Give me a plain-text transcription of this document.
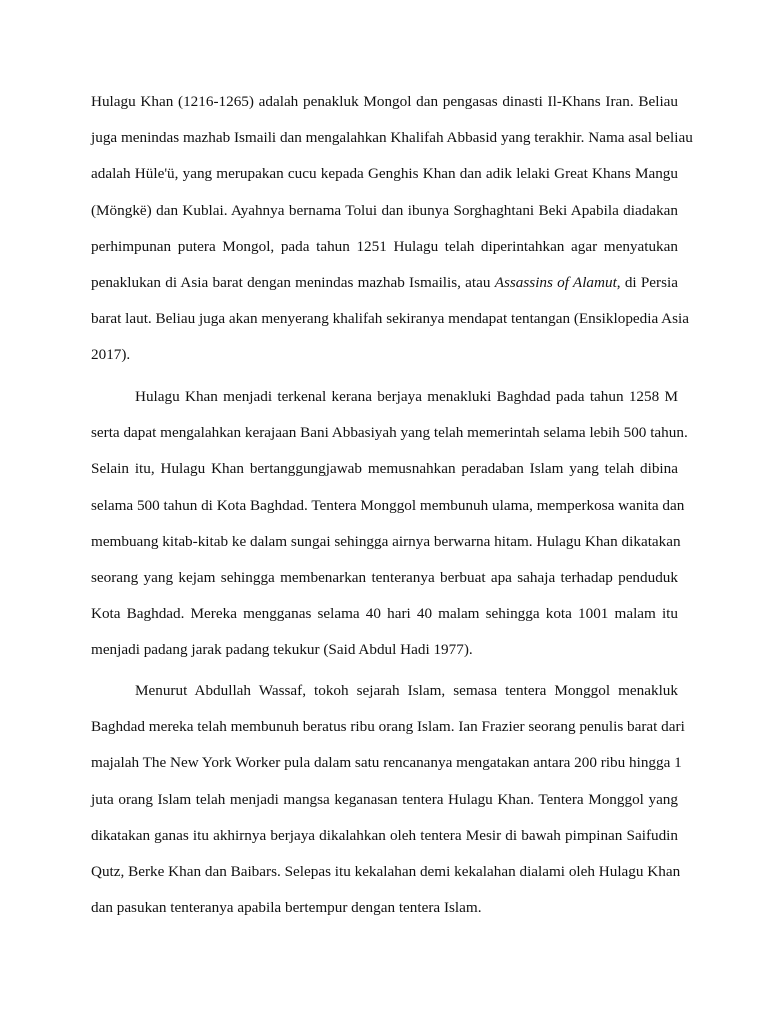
Hulagu Khan (1216-1265) adalah penakluk Mongol dan pengasas dinasti Il-Khans Iran. Beliau
juga menindas mazhab Ismaili dan mengalahkan Khalifah Abbasid yang terakhir. Nama asal beliau
adalah Hüle'ü, yang merupakan cucu kepada Genghis Khan dan adik lelaki Great Khans Mangu
(Möngkë) dan Kublai. Ayahnya bernama Tolui dan ibunya Sorghaghtani Beki Apabila diadakan
perhimpunan putera Mongol, pada tahun 1251 Hulagu telah diperintahkan agar menyatukan
penaklukan di Asia barat dengan menindas mazhab Ismailis, atau Assassins of Alamut, di Persia
barat laut. Beliau juga akan menyerang khalifah sekiranya mendapat tentangan (Ensiklopedia Asia
2017).
Hulagu Khan menjadi terkenal kerana berjaya menakluki Baghdad pada tahun 1258 M
serta dapat mengalahkan kerajaan Bani Abbasiyah yang telah memerintah selama lebih 500 tahun.
Selain itu, Hulagu Khan bertanggungjawab memusnahkan peradaban Islam yang telah dibina
selama 500 tahun di Kota Baghdad. Tentera Monggol membunuh ulama, memperkosa wanita dan
membuang kitab-kitab ke dalam sungai sehingga airnya berwarna hitam. Hulagu Khan dikatakan
seorang yang kejam sehingga membenarkan tenteranya berbuat apa sahaja terhadap penduduk
Kota Baghdad. Mereka mengganas selama 40 hari 40 malam sehingga kota 1001 malam itu
menjadi padang jarak padang tekukur (Said Abdul Hadi 1977).
Menurut Abdullah Wassaf, tokoh sejarah Islam, semasa tentera Monggol menakluk
Baghdad mereka telah membunuh beratus ribu orang Islam. Ian Frazier seorang penulis barat dari
majalah The New York Worker pula dalam satu rencananya mengatakan antara 200 ribu hingga 1
juta orang Islam telah menjadi mangsa keganasan tentera Hulagu Khan. Tentera Monggol yang
dikatakan ganas itu akhirnya berjaya dikalahkan oleh tentera Mesir di bawah pimpinan Saifudin
Qutz, Berke Khan dan Baibars. Selepas itu kekalahan demi kekalahan dialami oleh Hulagu Khan
dan pasukan tenteranya apabila bertempur dengan tentera Islam.
